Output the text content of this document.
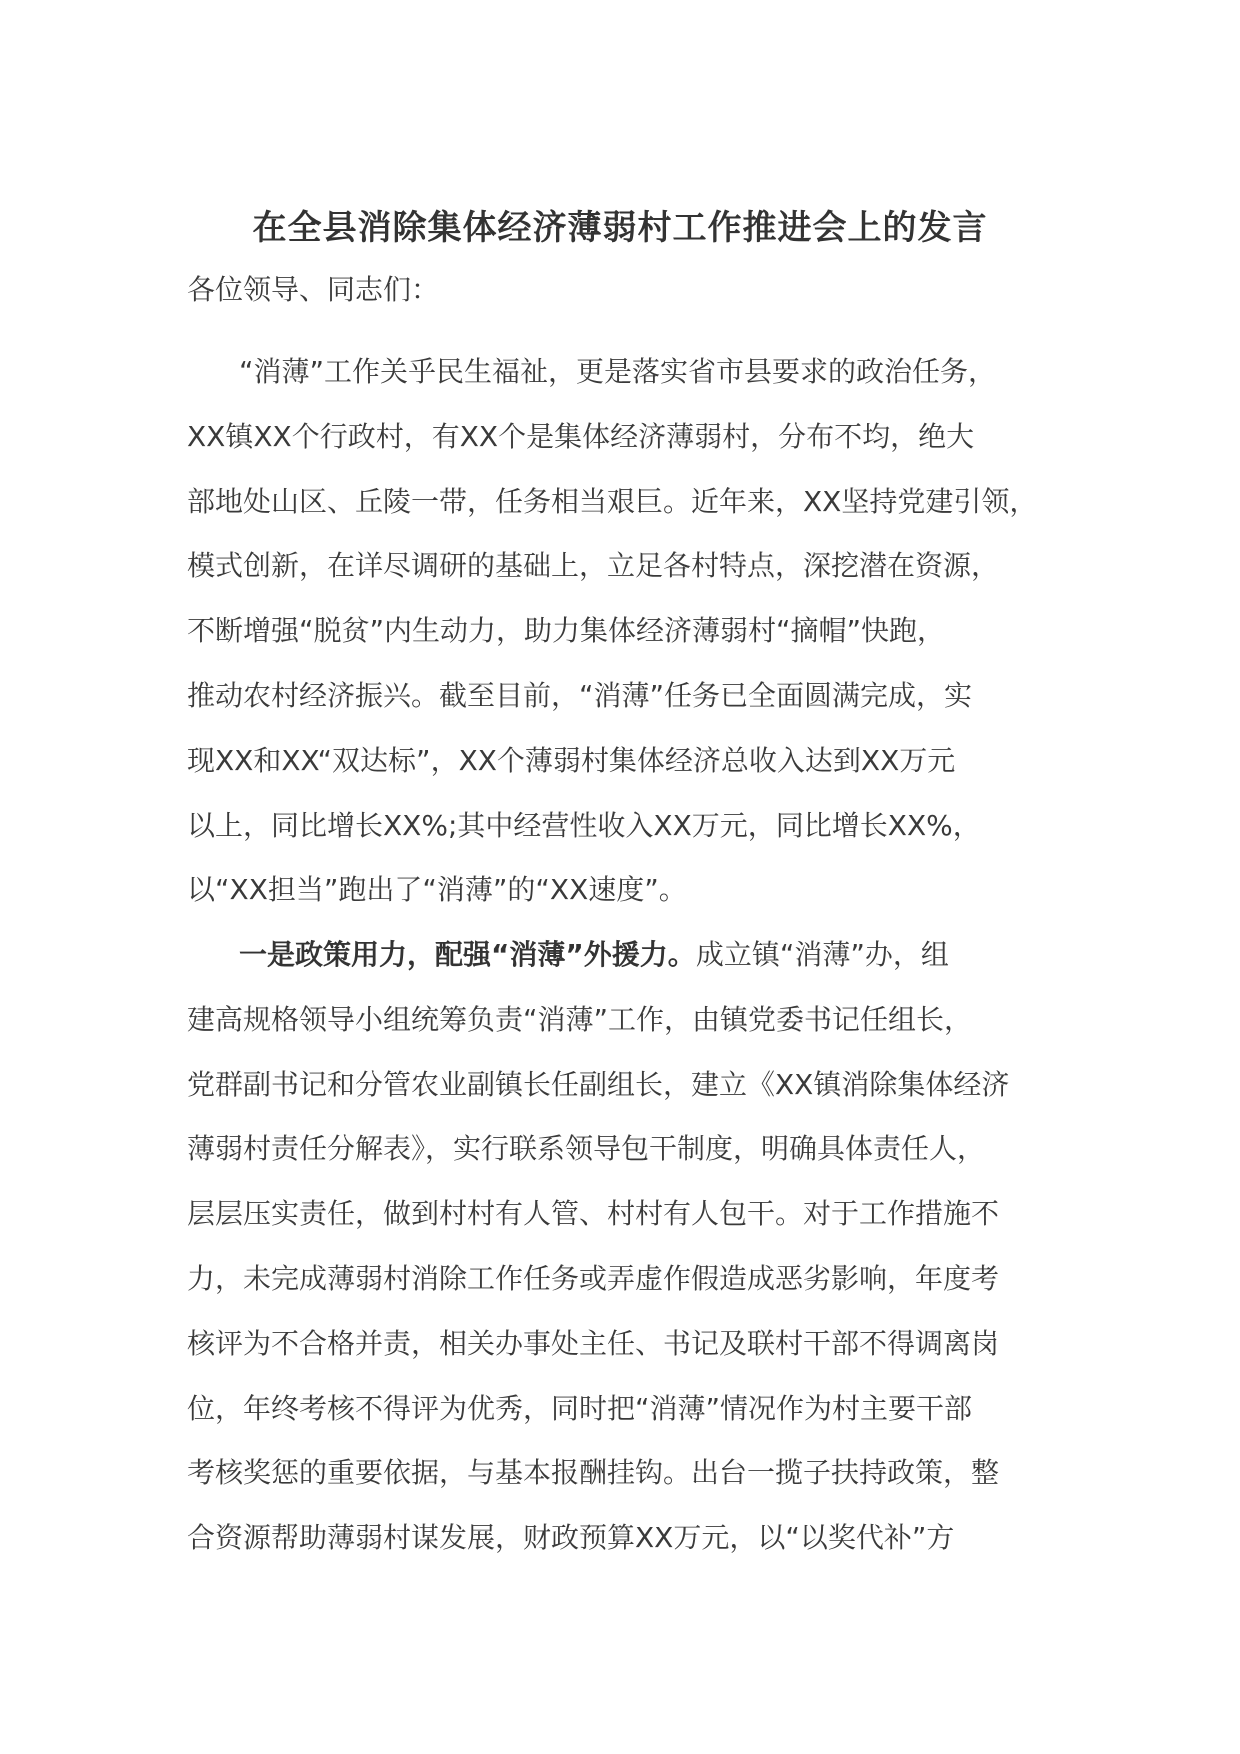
在全县消除集体经济薄弱村工作推进会上的发言
各位领导、同志们：
“消薄”工作关乎民生福祉，更是落实省市县要求的政治任务，
XX镇XX个行政村，有XX个是集体经济薄弱村，分布不均，绝大
部地处山区、丘陵一带，任务相当艰巨。近年来，XX坚持党建引领，
模式创新，在详尽调研的基础上，立足各村特点，深挖潜在资源，
不断增强“脱贫”内生动力，助力集体经济薄弱村“摘帽”快跑，
推动农村经济振兴。截至目前，“消薄”任务已全面圆满完成，实
现XX和XX“双达标”，XX个薄弱村集体经济总收入达到XX万元
以上，同比增长XX%;其中经营性收入XX万元，同比增长XX%，
以“XX担当”跑出了“消薄”的“XX速度”。
一是政策用力，配强“消薄”外援力。成立镇“消薄”办，组
建高规格领导小组统筹负责“消薄”工作，由镇党委书记任组长，
党群副书记和分管农业副镇长任副组长，建立《XX镇消除集体经济
薄弱村责任分解表》，实行联系领导包干制度，明确具体责任人，
层层压实责任，做到村村有人管、村村有人包干。对于工作措施不
力，未完成薄弱村消除工作任务或弄虚作假造成恶劣影响，年度考
核评为不合格并责，相关办事处主任、书记及联村干部不得调离岗
位，年终考核不得评为优秀，同时把“消薄”情况作为村主要干部
考核奖惩的重要依据，与基本报酬挂钩。出台一揽子扶持政策，整
合资源帮助薄弱村谋发展，财政预算XX万元，以“以奖代补”方
